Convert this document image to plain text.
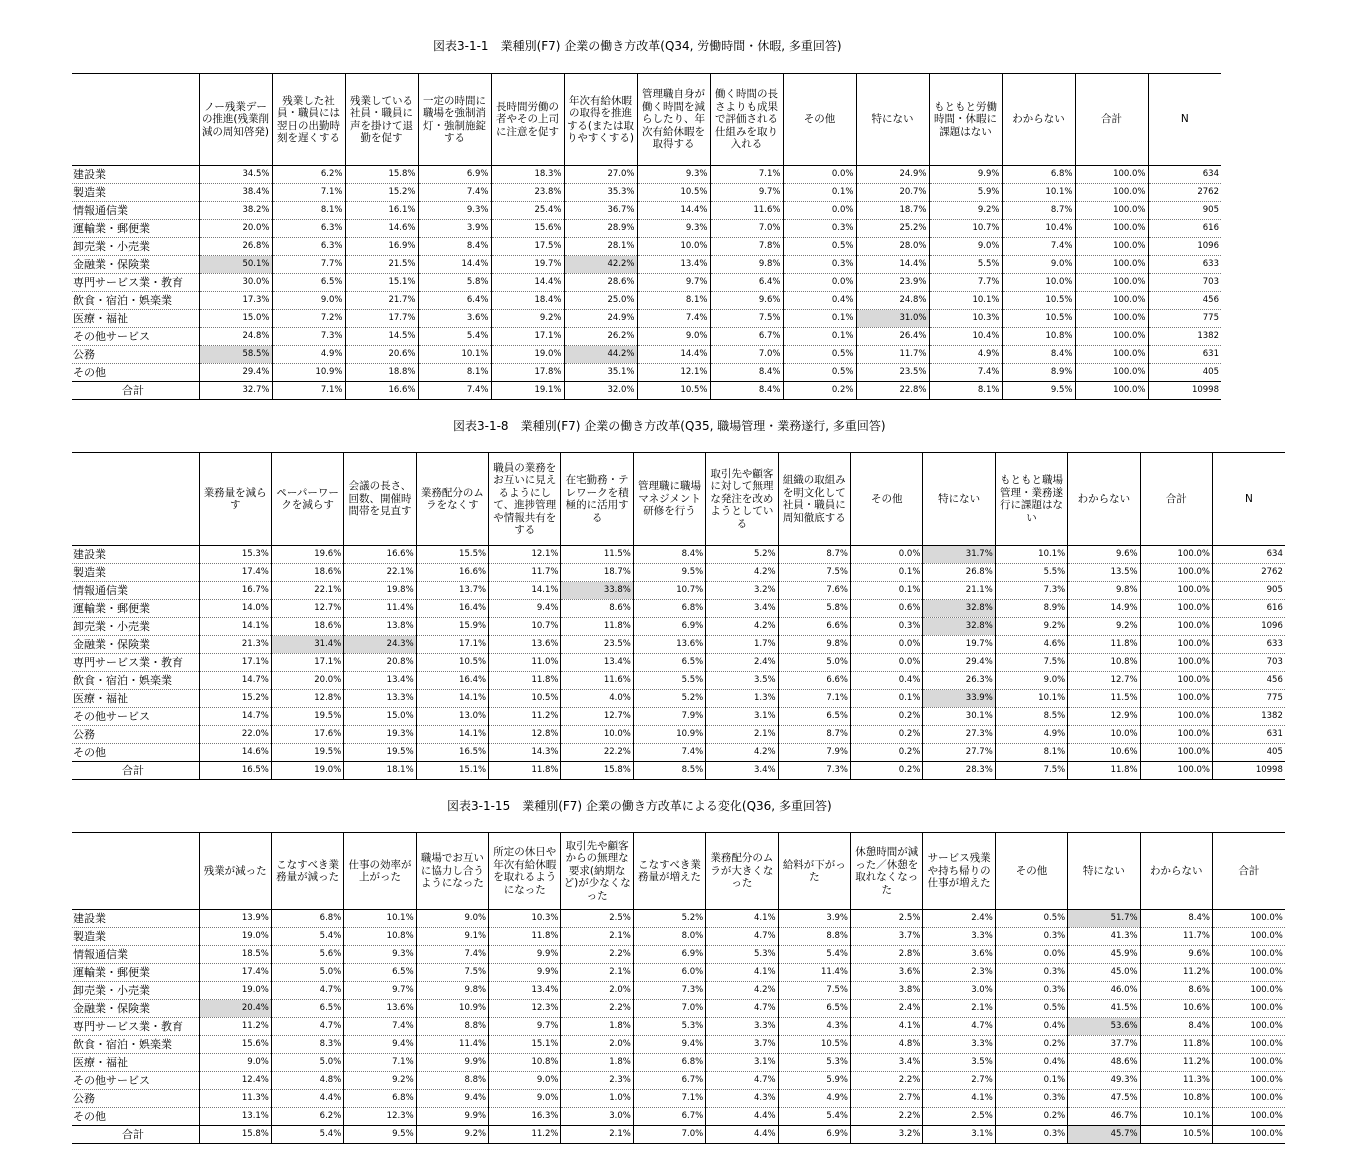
図表3-1-1　業種別(F7) 企業の働き方改革(Q34, 労働時間・休暇, 多重回答)
	ノー残業デーの推進(残業削減の周知啓発)	残業した社員・職員には翌日の出勤時刻を遅くする	残業している社員・職員に声を掛けて退勤を促す	一定の時間に職場を強制消灯・強制施錠する	長時間労働の者やその上司に注意を促す	年次有給休暇の取得を推進する(または取りやすくする)	管理職自身が働く時間を減らしたり、年次有給休暇を取得する	働く時間の長さよりも成果で評価される仕組みを取り入れる	その他	特にない	もともと労働時間・休暇に課題はない	わからない	合計	N
建設業	34.5%	6.2%	15.8%	6.9%	18.3%	27.0%	9.3%	7.1%	0.0%	24.9%	9.9%	6.8%	100.0%	634
製造業	38.4%	7.1%	15.2%	7.4%	23.8%	35.3%	10.5%	9.7%	0.1%	20.7%	5.9%	10.1%	100.0%	2762
情報通信業	38.2%	8.1%	16.1%	9.3%	25.4%	36.7%	14.4%	11.6%	0.0%	18.7%	9.2%	8.7%	100.0%	905
運輸業・郵便業	20.0%	6.3%	14.6%	3.9%	15.6%	28.9%	9.3%	7.0%	0.3%	25.2%	10.7%	10.4%	100.0%	616
卸売業・小売業	26.8%	6.3%	16.9%	8.4%	17.5%	28.1%	10.0%	7.8%	0.5%	28.0%	9.0%	7.4%	100.0%	1096
金融業・保険業	50.1%	7.7%	21.5%	14.4%	19.7%	42.2%	13.4%	9.8%	0.3%	14.4%	5.5%	9.0%	100.0%	633
専門サービス業・教育	30.0%	6.5%	15.1%	5.8%	14.4%	28.6%	9.7%	6.4%	0.0%	23.9%	7.7%	10.0%	100.0%	703
飲食・宿泊・娯楽業	17.3%	9.0%	21.7%	6.4%	18.4%	25.0%	8.1%	9.6%	0.4%	24.8%	10.1%	10.5%	100.0%	456
医療・福祉	15.0%	7.2%	17.7%	3.6%	9.2%	24.9%	7.4%	7.5%	0.1%	31.0%	10.3%	10.5%	100.0%	775
その他サービス	24.8%	7.3%	14.5%	5.4%	17.1%	26.2%	9.0%	6.7%	0.1%	26.4%	10.4%	10.8%	100.0%	1382
公務	58.5%	4.9%	20.6%	10.1%	19.0%	44.2%	14.4%	7.0%	0.5%	11.7%	4.9%	8.4%	100.0%	631
その他	29.4%	10.9%	18.8%	8.1%	17.8%	35.1%	12.1%	8.4%	0.5%	23.5%	7.4%	8.9%	100.0%	405
合計	32.7%	7.1%	16.6%	7.4%	19.1%	32.0%	10.5%	8.4%	0.2%	22.8%	8.1%	9.5%	100.0%	10998
図表3-1-8　業種別(F7) 企業の働き方改革(Q35, 職場管理・業務遂行, 多重回答)
	業務量を減らす	ペーパーワークを減らす	会議の長さ、回数、開催時間帯を見直す	業務配分のムラをなくす	職員の業務をお互いに見えるようにして、進捗管理や情報共有をする	在宅勤務・テレワークを積極的に活用する	管理職に職場マネジメント研修を行う	取引先や顧客に対して無理な発注を改めようとしている	組織の取組みを明文化して社員・職員に周知徹底する	その他	特にない	もともと職場管理・業務遂行に課題はない	わからない	合計	N
建設業	15.3%	19.6%	16.6%	15.5%	12.1%	11.5%	8.4%	5.2%	8.7%	0.0%	31.7%	10.1%	9.6%	100.0%	634
製造業	17.4%	18.6%	22.1%	16.6%	11.7%	18.7%	9.5%	4.2%	7.5%	0.1%	26.8%	5.5%	13.5%	100.0%	2762
情報通信業	16.7%	22.1%	19.8%	13.7%	14.1%	33.8%	10.7%	3.2%	7.6%	0.1%	21.1%	7.3%	9.8%	100.0%	905
運輸業・郵便業	14.0%	12.7%	11.4%	16.4%	9.4%	8.6%	6.8%	3.4%	5.8%	0.6%	32.8%	8.9%	14.9%	100.0%	616
卸売業・小売業	14.1%	18.6%	13.8%	15.9%	10.7%	11.8%	6.9%	4.2%	6.6%	0.3%	32.8%	9.2%	9.2%	100.0%	1096
金融業・保険業	21.3%	31.4%	24.3%	17.1%	13.6%	23.5%	13.6%	1.7%	9.8%	0.0%	19.7%	4.6%	11.8%	100.0%	633
専門サービス業・教育	17.1%	17.1%	20.8%	10.5%	11.0%	13.4%	6.5%	2.4%	5.0%	0.0%	29.4%	7.5%	10.8%	100.0%	703
飲食・宿泊・娯楽業	14.7%	20.0%	13.4%	16.4%	11.8%	11.6%	5.5%	3.5%	6.6%	0.4%	26.3%	9.0%	12.7%	100.0%	456
医療・福祉	15.2%	12.8%	13.3%	14.1%	10.5%	4.0%	5.2%	1.3%	7.1%	0.1%	33.9%	10.1%	11.5%	100.0%	775
その他サービス	14.7%	19.5%	15.0%	13.0%	11.2%	12.7%	7.9%	3.1%	6.5%	0.2%	30.1%	8.5%	12.9%	100.0%	1382
公務	22.0%	17.6%	19.3%	14.1%	12.8%	10.0%	10.9%	2.1%	8.7%	0.2%	27.3%	4.9%	10.0%	100.0%	631
その他	14.6%	19.5%	19.5%	16.5%	14.3%	22.2%	7.4%	4.2%	7.9%	0.2%	27.7%	8.1%	10.6%	100.0%	405
合計	16.5%	19.0%	18.1%	15.1%	11.8%	15.8%	8.5%	3.4%	7.3%	0.2%	28.3%	7.5%	11.8%	100.0%	10998
図表3-1-15　業種別(F7) 企業の働き方改革による変化(Q36, 多重回答)
	残業が減った	こなすべき業務量が減った	仕事の効率が上がった	職場でお互いに協力し合うようになった	所定の休日や年次有給休暇を取れるようになった	取引先や顧客からの無理な要求(納期など)が少なくなった	こなすべき業務量が増えた	業務配分のムラが大きくなった	給料が下がった	休憩時間が減った／休憩を取れなくなった	サービス残業や持ち帰りの仕事が増えた	その他	特にない	わからない	合計
建設業	13.9%	6.8%	10.1%	9.0%	10.3%	2.5%	5.2%	4.1%	3.9%	2.5%	2.4%	0.5%	51.7%	8.4%	100.0%
製造業	19.0%	5.4%	10.8%	9.1%	11.8%	2.1%	8.0%	4.7%	8.8%	3.7%	3.3%	0.3%	41.3%	11.7%	100.0%
情報通信業	18.5%	5.6%	9.3%	7.4%	9.9%	2.2%	6.9%	5.3%	5.4%	2.8%	3.6%	0.0%	45.9%	9.6%	100.0%
運輸業・郵便業	17.4%	5.0%	6.5%	7.5%	9.9%	2.1%	6.0%	4.1%	11.4%	3.6%	2.3%	0.3%	45.0%	11.2%	100.0%
卸売業・小売業	19.0%	4.7%	9.7%	9.8%	13.4%	2.0%	7.3%	4.2%	7.5%	3.8%	3.0%	0.3%	46.0%	8.6%	100.0%
金融業・保険業	20.4%	6.5%	13.6%	10.9%	12.3%	2.2%	7.0%	4.7%	6.5%	2.4%	2.1%	0.5%	41.5%	10.6%	100.0%
専門サービス業・教育	11.2%	4.7%	7.4%	8.8%	9.7%	1.8%	5.3%	3.3%	4.3%	4.1%	4.7%	0.4%	53.6%	8.4%	100.0%
飲食・宿泊・娯楽業	15.6%	8.3%	9.4%	11.4%	15.1%	2.0%	9.4%	3.7%	10.5%	4.8%	3.3%	0.2%	37.7%	11.8%	100.0%
医療・福祉	9.0%	5.0%	7.1%	9.9%	10.8%	1.8%	6.8%	3.1%	5.3%	3.4%	3.5%	0.4%	48.6%	11.2%	100.0%
その他サービス	12.4%	4.8%	9.2%	8.8%	9.0%	2.3%	6.7%	4.7%	5.9%	2.2%	2.7%	0.1%	49.3%	11.3%	100.0%
公務	11.3%	4.4%	6.8%	9.4%	9.0%	1.0%	7.1%	4.3%	4.9%	2.7%	4.1%	0.3%	47.5%	10.8%	100.0%
その他	13.1%	6.2%	12.3%	9.9%	16.3%	3.0%	6.7%	4.4%	5.4%	2.2%	2.5%	0.2%	46.7%	10.1%	100.0%
合計	15.8%	5.4%	9.5%	9.2%	11.2%	2.1%	7.0%	4.4%	6.9%	3.2%	3.1%	0.3%	45.7%	10.5%	100.0%
